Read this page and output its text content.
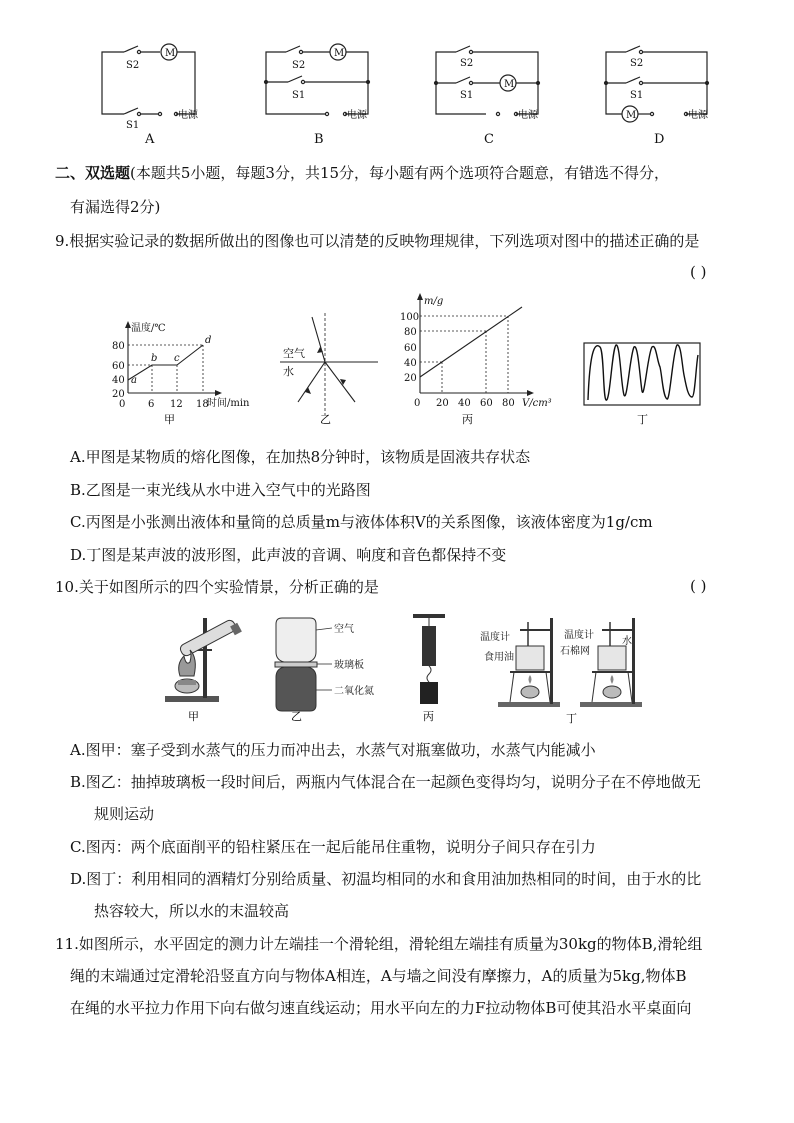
S2
M
S1
电源
S2
M
S1
电源
S2
S1
M
电源
S2
S1
M	电源
A	B	C	D
二、双选题(本题共5小题，每题3分，共15分，每小题有两个选项符合题意，有错选不得分，
有漏选得2分)
9.根据实验记录的数据所做出的图像也可以清楚的反映物理规律，下列选项对图中的描述正确的是
( )
温度/℃
80
60
40
20
0 6 12 18
时间/min
a
b c
d
甲
空气
水
乙
m/g
100
80
60
40
20
0 20 40 60 80 V/cm³
丙	丁
A.甲图是某物质的熔化图像，在加热8分钟时，该物质是固液共存状态
B.乙图是一束光线从水中进入空气中的光路图
C.丙图是小张测出液体和量筒的总质量m与液体体积V的关系图像，该液体密度为1g/cm
D.丁图是某声波的波形图，此声波的音调、响度和音色都保持不变
10.关于如图所示的四个实验情景，分析正确的是	( )
甲
空气
玻璃板
二氧化氮
乙	丙
温度计
食用油
温度计
石棉网
水
丁
A.图甲：塞子受到水蒸气的压力而冲出去，水蒸气对瓶塞做功，水蒸气内能减小
B.图乙：抽掉玻璃板一段时间后，两瓶内气体混合在一起颜色变得均匀，说明分子在不停地做无
规则运动
C.图丙：两个底面削平的铅柱紧压在一起后能吊住重物，说明分子间只存在引力
D.图丁：利用相同的酒精灯分别给质量、初温均相同的水和食用油加热相同的时间，由于水的比
热容较大，所以水的末温较高
11.如图所示，水平固定的测力计左端挂一个滑轮组，滑轮组左端挂有质量为30kg的物体B,滑轮组
绳的末端通过定滑轮沿竖直方向与物体A相连，A与墙之间没有摩擦力，A的质量为5kg,物体B
在绳的水平拉力作用下向右做匀速直线运动；用水平向左的力F拉动物体B可使其沿水平桌面向
